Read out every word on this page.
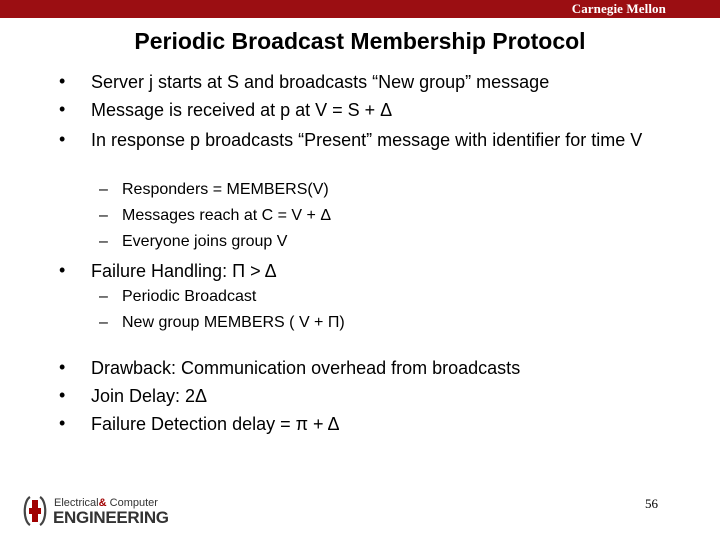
Carnegie Mellon
Periodic Broadcast Membership Protocol
• Server j starts at S and broadcasts “New group” message
• Message is received at p at V = S + Δ
• In response p broadcasts “Present” message with identifier for time V
– Responders = MEMBERS(V)
– Messages reach at C = V + Δ
– Everyone joins group V
• Failure Handling: Π > Δ
– Periodic Broadcast
– New group MEMBERS ( V + Π)
• Drawback: Communication overhead from broadcasts
• Join Delay: 2Δ
• Failure Detection delay = π + Δ
Electrical& Computer
ENGINEERING
56
